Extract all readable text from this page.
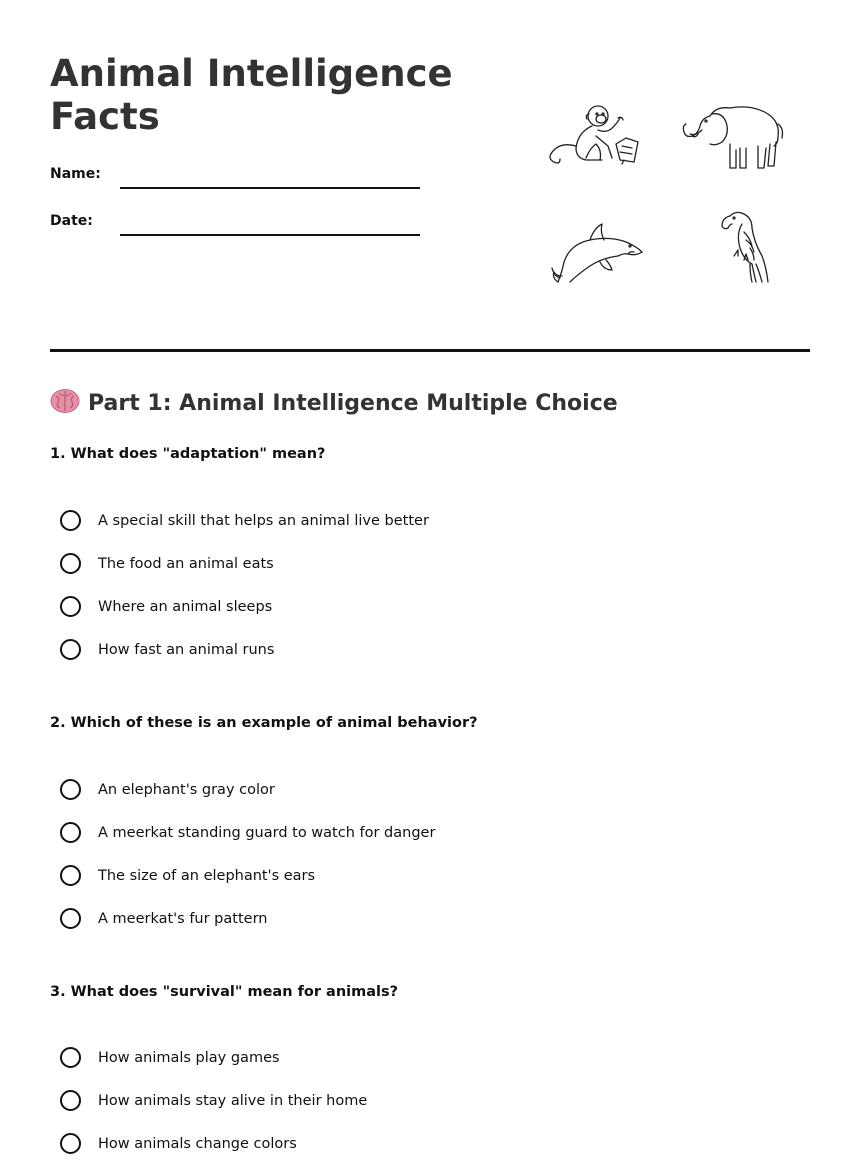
Animal Intelligence Facts
Name:
Date:
Part 1: Animal Intelligence Multiple Choice

1. What does "adaptation" mean?

A special skill that helps an animal live better
The food an animal eats
Where an animal sleeps
How fast an animal runs

2. Which of these is an example of animal behavior?

An elephant's gray color
A meerkat standing guard to watch for danger
The size of an elephant's ears
A meerkat's fur pattern

3. What does "survival" mean for animals?

How animals play games
How animals stay alive in their home
How animals change colors
